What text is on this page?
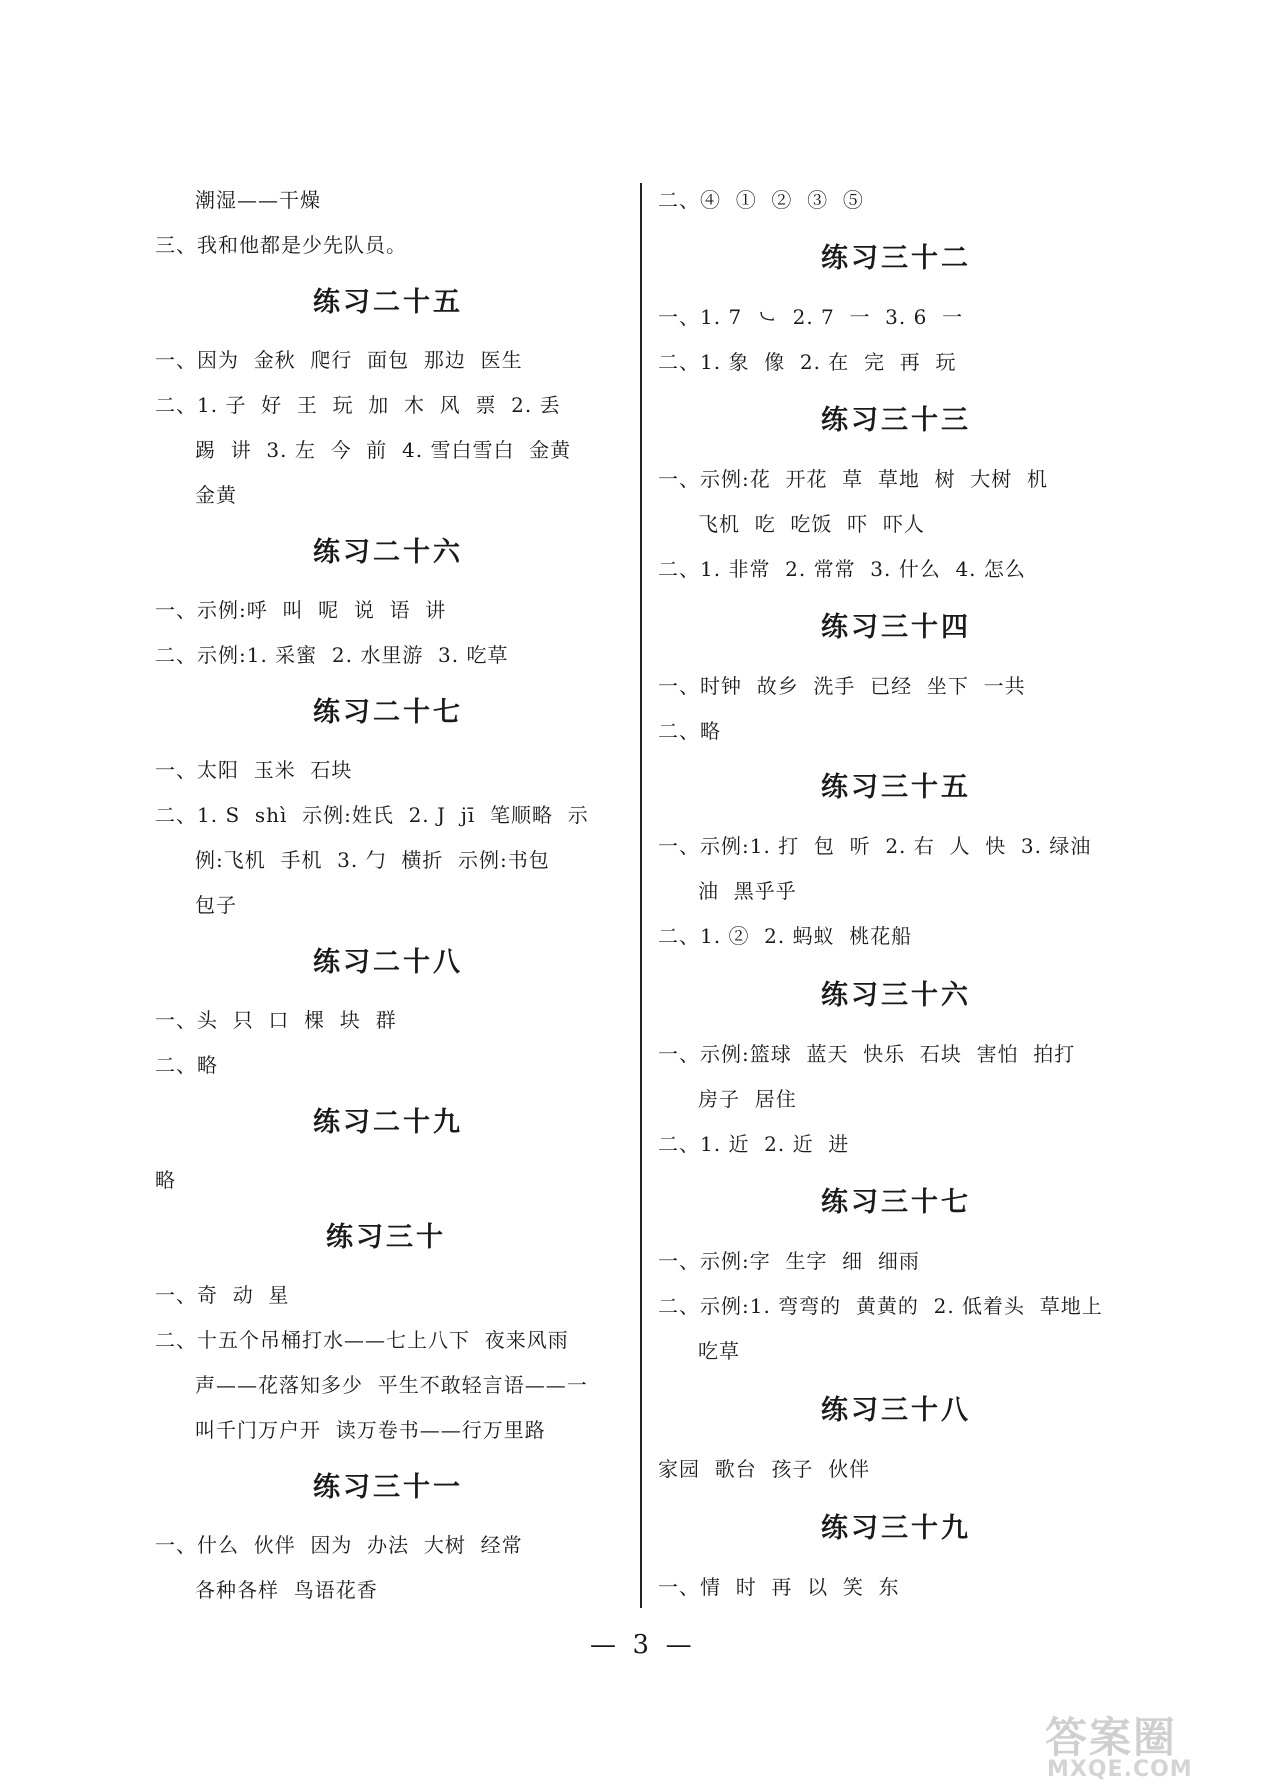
潮湿——干燥
三、我和他都是少先队员。
练习二十五
一、因为  金秋  爬行  面包  那边  医生
二、1. 子  好  王  玩  加  木  风  票  2. 丢
踢  讲  3. 左  今  前  4. 雪白雪白  金黄
金黄
练习二十六
一、示例:呼  叫  呢  说  语  讲
二、示例:1. 采蜜  2. 水里游  3. 吃草
练习二十七
一、太阳  玉米  石块
二、1. S  shì  示例:姓氏  2. J  jī  笔顺略  示
例:飞机  手机  3. 勹  横折  示例:书包
包子
练习二十八
一、头  只  口  棵  块  群
二、略
练习二十九
略
练习三十
一、奇  动  星
二、十五个吊桶打水——七上八下  夜来风雨
声——花落知多少  平生不敢轻言语——一
叫千门万户开  读万卷书——行万里路
练习三十一
一、什么  伙伴  因为  办法  大树  经常
各种各样  鸟语花香
二、④  ①  ②  ③  ⑤
练习三十二
一、1. 7  ㇃  2. 7  一  3. 6  一
二、1. 象  像  2. 在  完  再  玩
练习三十三
一、示例:花  开花  草  草地  树  大树  机
飞机  吃  吃饭  吓  吓人
二、1. 非常  2. 常常  3. 什么  4. 怎么
练习三十四
一、时钟  故乡  洗手  已经  坐下  一共
二、略
练习三十五
一、示例:1. 打  包  听  2. 右  人  快  3. 绿油
油  黑乎乎
二、1. ②  2. 蚂蚁  桃花船
练习三十六
一、示例:篮球  蓝天  快乐  石块  害怕  拍打
房子  居住
二、1. 近  2. 近  进
练习三十七
一、示例:字  生字  细  细雨
二、示例:1. 弯弯的  黄黄的  2. 低着头  草地上
吃草
练习三十八
家园  歌台  孩子  伙伴
练习三十九
一、情  时  再  以  笑  东
—  3  —
答案圈
MXQE.COM
